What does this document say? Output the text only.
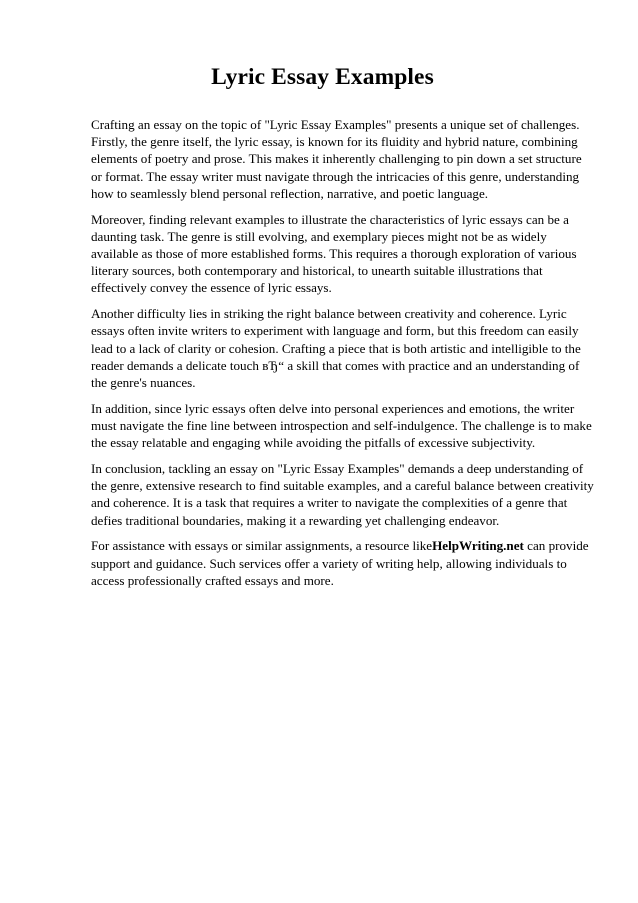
Lyric Essay Examples

Crafting an essay on the topic of "Lyric Essay Examples" presents a unique set of challenges. Firstly, the genre itself, the lyric essay, is known for its fluidity and hybrid nature, combining elements of poetry and prose. This makes it inherently challenging to pin down a set structure or format. The essay writer must navigate through the intricacies of this genre, understanding how to seamlessly blend personal reflection, narrative, and poetic language.

Moreover, finding relevant examples to illustrate the characteristics of lyric essays can be a daunting task. The genre is still evolving, and exemplary pieces might not be as widely available as those of more established forms. This requires a thorough exploration of various literary sources, both contemporary and historical, to unearth suitable illustrations that effectively convey the essence of lyric essays.

Another difficulty lies in striking the right balance between creativity and coherence. Lyric essays often invite writers to experiment with language and form, but this freedom can easily lead to a lack of clarity or cohesion. Crafting a piece that is both artistic and intelligible to the reader demands a delicate touch вЂ“ a skill that comes with practice and an understanding of the genre's nuances.

In addition, since lyric essays often delve into personal experiences and emotions, the writer must navigate the fine line between introspection and self-indulgence. The challenge is to make the essay relatable and engaging while avoiding the pitfalls of excessive subjectivity.

In conclusion, tackling an essay on "Lyric Essay Examples" demands a deep understanding of the genre, extensive research to find suitable examples, and a careful balance between creativity and coherence. It is a task that requires a writer to navigate the complexities of a genre that defies traditional boundaries, making it a rewarding yet challenging endeavor.

For assistance with essays or similar assignments, a resource likeHelpWriting.net can provide support and guidance. Such services offer a variety of writing help, allowing individuals to access professionally crafted essays and more.
